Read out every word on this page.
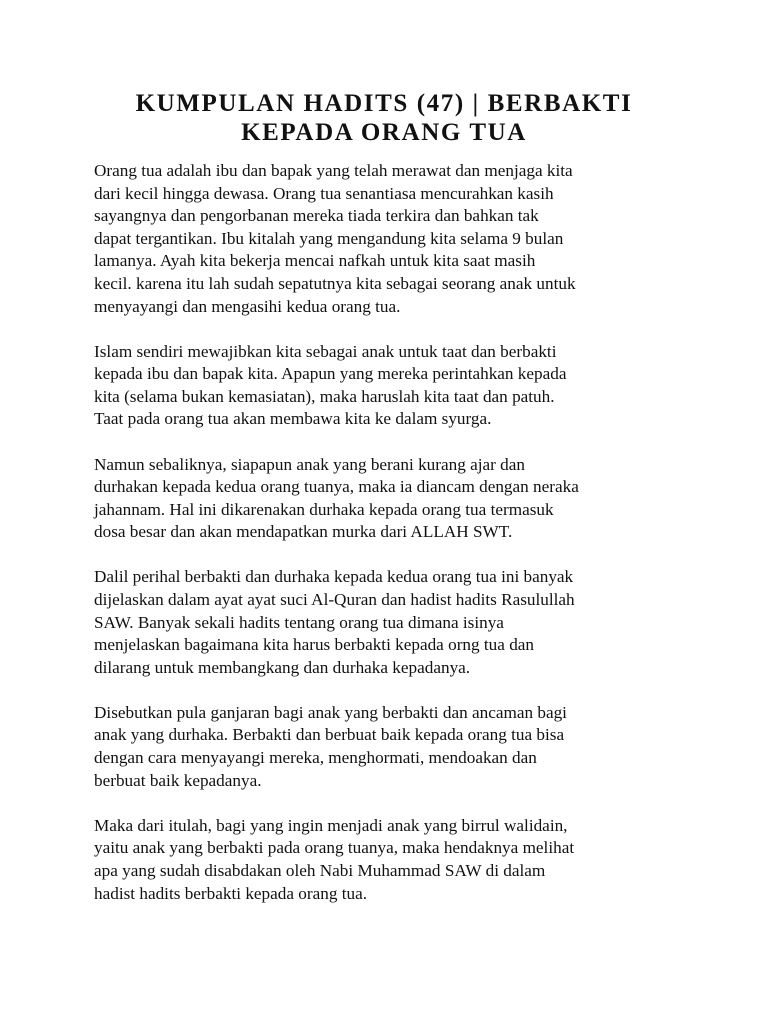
KUMPULAN HADITS (47) | BERBAKTI
KEPADA ORANG TUA

Orang tua adalah ibu dan bapak yang telah merawat dan menjaga kita
dari kecil hingga dewasa. Orang tua senantiasa mencurahkan kasih
sayangnya dan pengorbanan mereka tiada terkira dan bahkan tak
dapat tergantikan. Ibu kitalah yang mengandung kita selama 9 bulan
lamanya. Ayah kita bekerja mencai nafkah untuk kita saat masih
kecil. karena itu lah sudah sepatutnya kita sebagai seorang anak untuk
menyayangi dan mengasihi kedua orang tua.

Islam sendiri mewajibkan kita sebagai anak untuk taat dan berbakti
kepada ibu dan bapak kita. Apapun yang mereka perintahkan kepada
kita (selama bukan kemasiatan), maka haruslah kita taat dan patuh.
Taat pada orang tua akan membawa kita ke dalam syurga.

Namun sebaliknya, siapapun anak yang berani kurang ajar dan
durhakan kepada kedua orang tuanya, maka ia diancam dengan neraka
jahannam. Hal ini dikarenakan durhaka kepada orang tua termasuk
dosa besar dan akan mendapatkan murka dari ALLAH SWT.

Dalil perihal berbakti dan durhaka kepada kedua orang tua ini banyak
dijelaskan dalam ayat ayat suci Al-Quran dan hadist hadits Rasulullah
SAW. Banyak sekali hadits tentang orang tua dimana isinya
menjelaskan bagaimana kita harus berbakti kepada orng tua dan
dilarang untuk membangkang dan durhaka kepadanya.

Disebutkan pula ganjaran bagi anak yang berbakti dan ancaman bagi
anak yang durhaka. Berbakti dan berbuat baik kepada orang tua bisa
dengan cara menyayangi mereka, menghormati, mendoakan dan
berbuat baik kepadanya.

Maka dari itulah, bagi yang ingin menjadi anak yang birrul walidain,
yaitu anak yang berbakti pada orang tuanya, maka hendaknya melihat
apa yang sudah disabdakan oleh Nabi Muhammad SAW di dalam
hadist hadits berbakti kepada orang tua.
